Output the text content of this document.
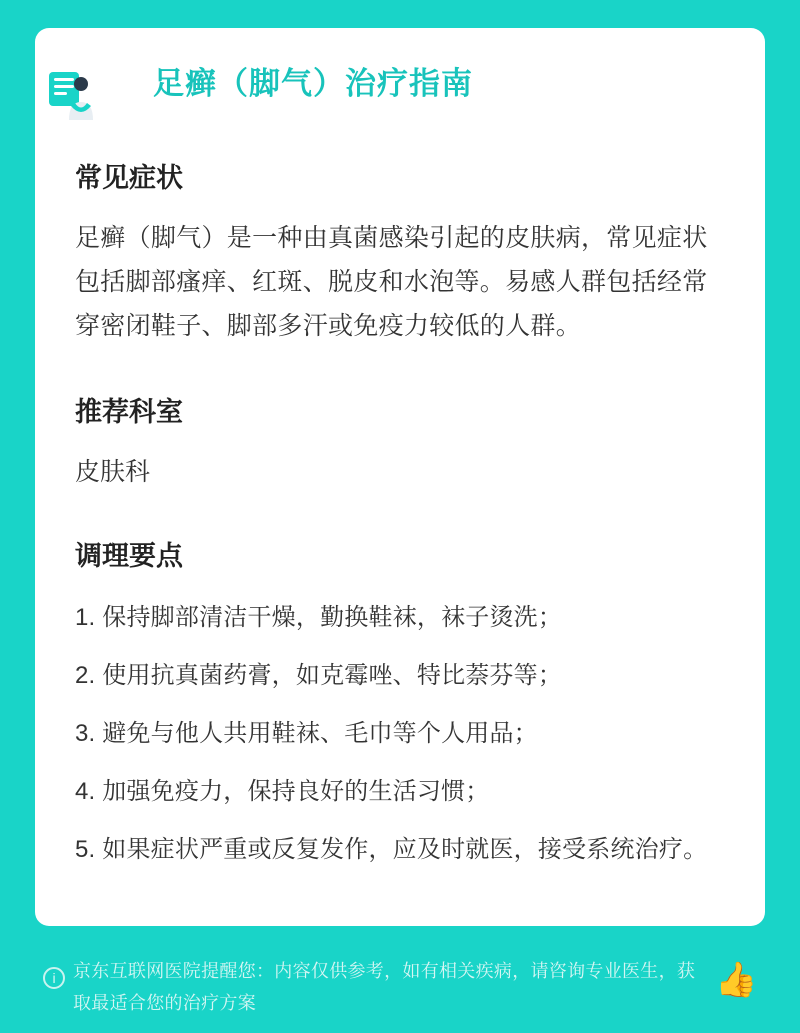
足癣（脚气）治疗指南
常见症状

足癣（脚气）是一种由真菌感染引起的皮肤病，常见症状包括脚部瘙痒、红斑、脱皮和水泡等。易感人群包括经常穿密闭鞋子、脚部多汗或免疫力较低的人群。

推荐科室

皮肤科

调理要点
1. 保持脚部清洁干燥，勤换鞋袜，袜子烫洗；
2. 使用抗真菌药膏，如克霉唑、特比萘芬等；
3. 避免与他人共用鞋袜、毛巾等个人用品；
4. 加强免疫力，保持良好的生活习惯；
5. 如果症状严重或反复发作，应及时就医，接受系统治疗。
i 京东互联网医院提醒您：内容仅供参考，如有相关疾病，请咨询专业医生，获取最适合您的治疗方案
👍
